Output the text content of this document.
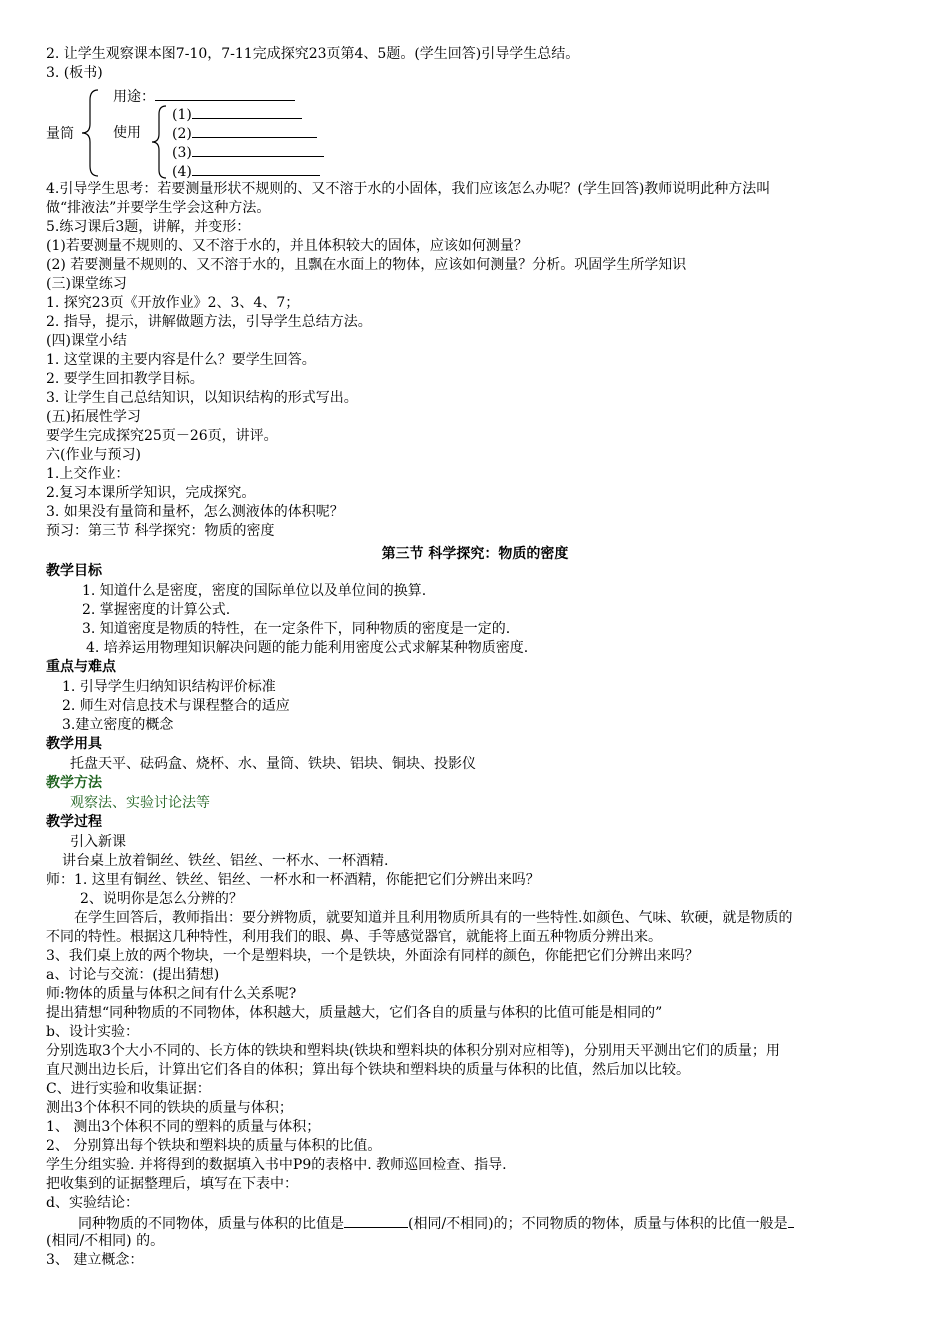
2. 让学生观察课本图7-10，7-11完成探究23页第4、5题。(学生回答)引导学生总结。
3. (板书)
量筒
用途：
使用
(1)
(2)
(3)
(4)
4.引导学生思考：若要测量形状不规则的、又不溶于水的小固体，我们应该怎么办呢？(学生回答)教师说明此种方法叫
做“排液法”并要学生学会这种方法。
5.练习课后3题，讲解，并变形：
(1)若要测量不规则的、又不溶于水的，并且体积较大的固体，应该如何测量？
(2) 若要测量不规则的、又不溶于水的，且飘在水面上的物体，应该如何测量？分析。巩固学生所学知识
(三)课堂练习
1. 探究23页《开放作业》2、3、4、7；
2. 指导，提示，讲解做题方法，引导学生总结方法。
(四)课堂小结
1. 这堂课的主要内容是什么？要学生回答。
2. 要学生回扣教学目标。
3. 让学生自己总结知识，以知识结构的形式写出。
(五)拓展性学习
要学生完成探究25页－26页，讲评。
六(作业与预习)
1.上交作业：
2.复习本课所学知识，完成探究。
3. 如果没有量筒和量杯，怎么测液体的体积呢？
预习：第三节 科学探究：物质的密度
第三节 科学探究：物质的密度
教学目标
1. 知道什么是密度，密度的国际单位以及单位间的换算.
2. 掌握密度的计算公式.
3. 知道密度是物质的特性，在一定条件下，同种物质的密度是一定的.
4. 培养运用物理知识解决问题的能力能利用密度公式求解某种物质密度.
重点与难点
1. 引导学生归纳知识结构评价标准
2. 师生对信息技术与课程整合的适应
3.建立密度的概念
教学用具
托盘天平、砝码盒、烧杯、水、量筒、铁块、铝块、铜块、投影仪
教学方法
观察法、实验讨论法等
教学过程
引入新课
讲台桌上放着铜丝、铁丝、铝丝、一杯水、一杯酒精.
师：1. 这里有铜丝、铁丝、铝丝、一杯水和一杯酒精，你能把它们分辨出来吗？
2、说明你是怎么分辨的？
在学生回答后，教师指出：要分辨物质，就要知道并且利用物质所具有的一些特性.如颜色、气味、软硬，就是物质的
不同的特性。根据这几种特性，利用我们的眼、鼻、手等感觉器官，就能将上面五种物质分辨出来。
3、我们桌上放的两个物块，一个是塑料块，一个是铁块，外面涂有同样的颜色，你能把它们分辨出来吗？
a、讨论与交流：(提出猜想)
师:物体的质量与体积之间有什么关系呢?
提出猜想“同种物质的不同物体，体积越大，质量越大，它们各自的质量与体积的比值可能是相同的”
b、设计实验：
分别选取3个大小不同的、长方体的铁块和塑料块(铁块和塑料块的体积分别对应相等)，分别用天平测出它们的质量；用
直尺测出边长后，计算出它们各自的体积；算出每个铁块和塑料块的质量与体积的比值，然后加以比较。
C、进行实验和收集证据：
测出3个体积不同的铁块的质量与体积；
1、 测出3个体积不同的塑料的质量与体积；
2、 分别算出每个铁块和塑料块的质量与体积的比值。
学生分组实验. 并将得到的数据填入书中P9的表格中. 教师巡回检查、指导.
把收集到的证据整理后，填写在下表中：
d、实验结论：
同种物质的不同物体，质量与体积的比值是	(相同/不相同)的；不同物质的物体，质量与体积的比值一般是
(相同/不相同) 的。
3、 建立概念：
